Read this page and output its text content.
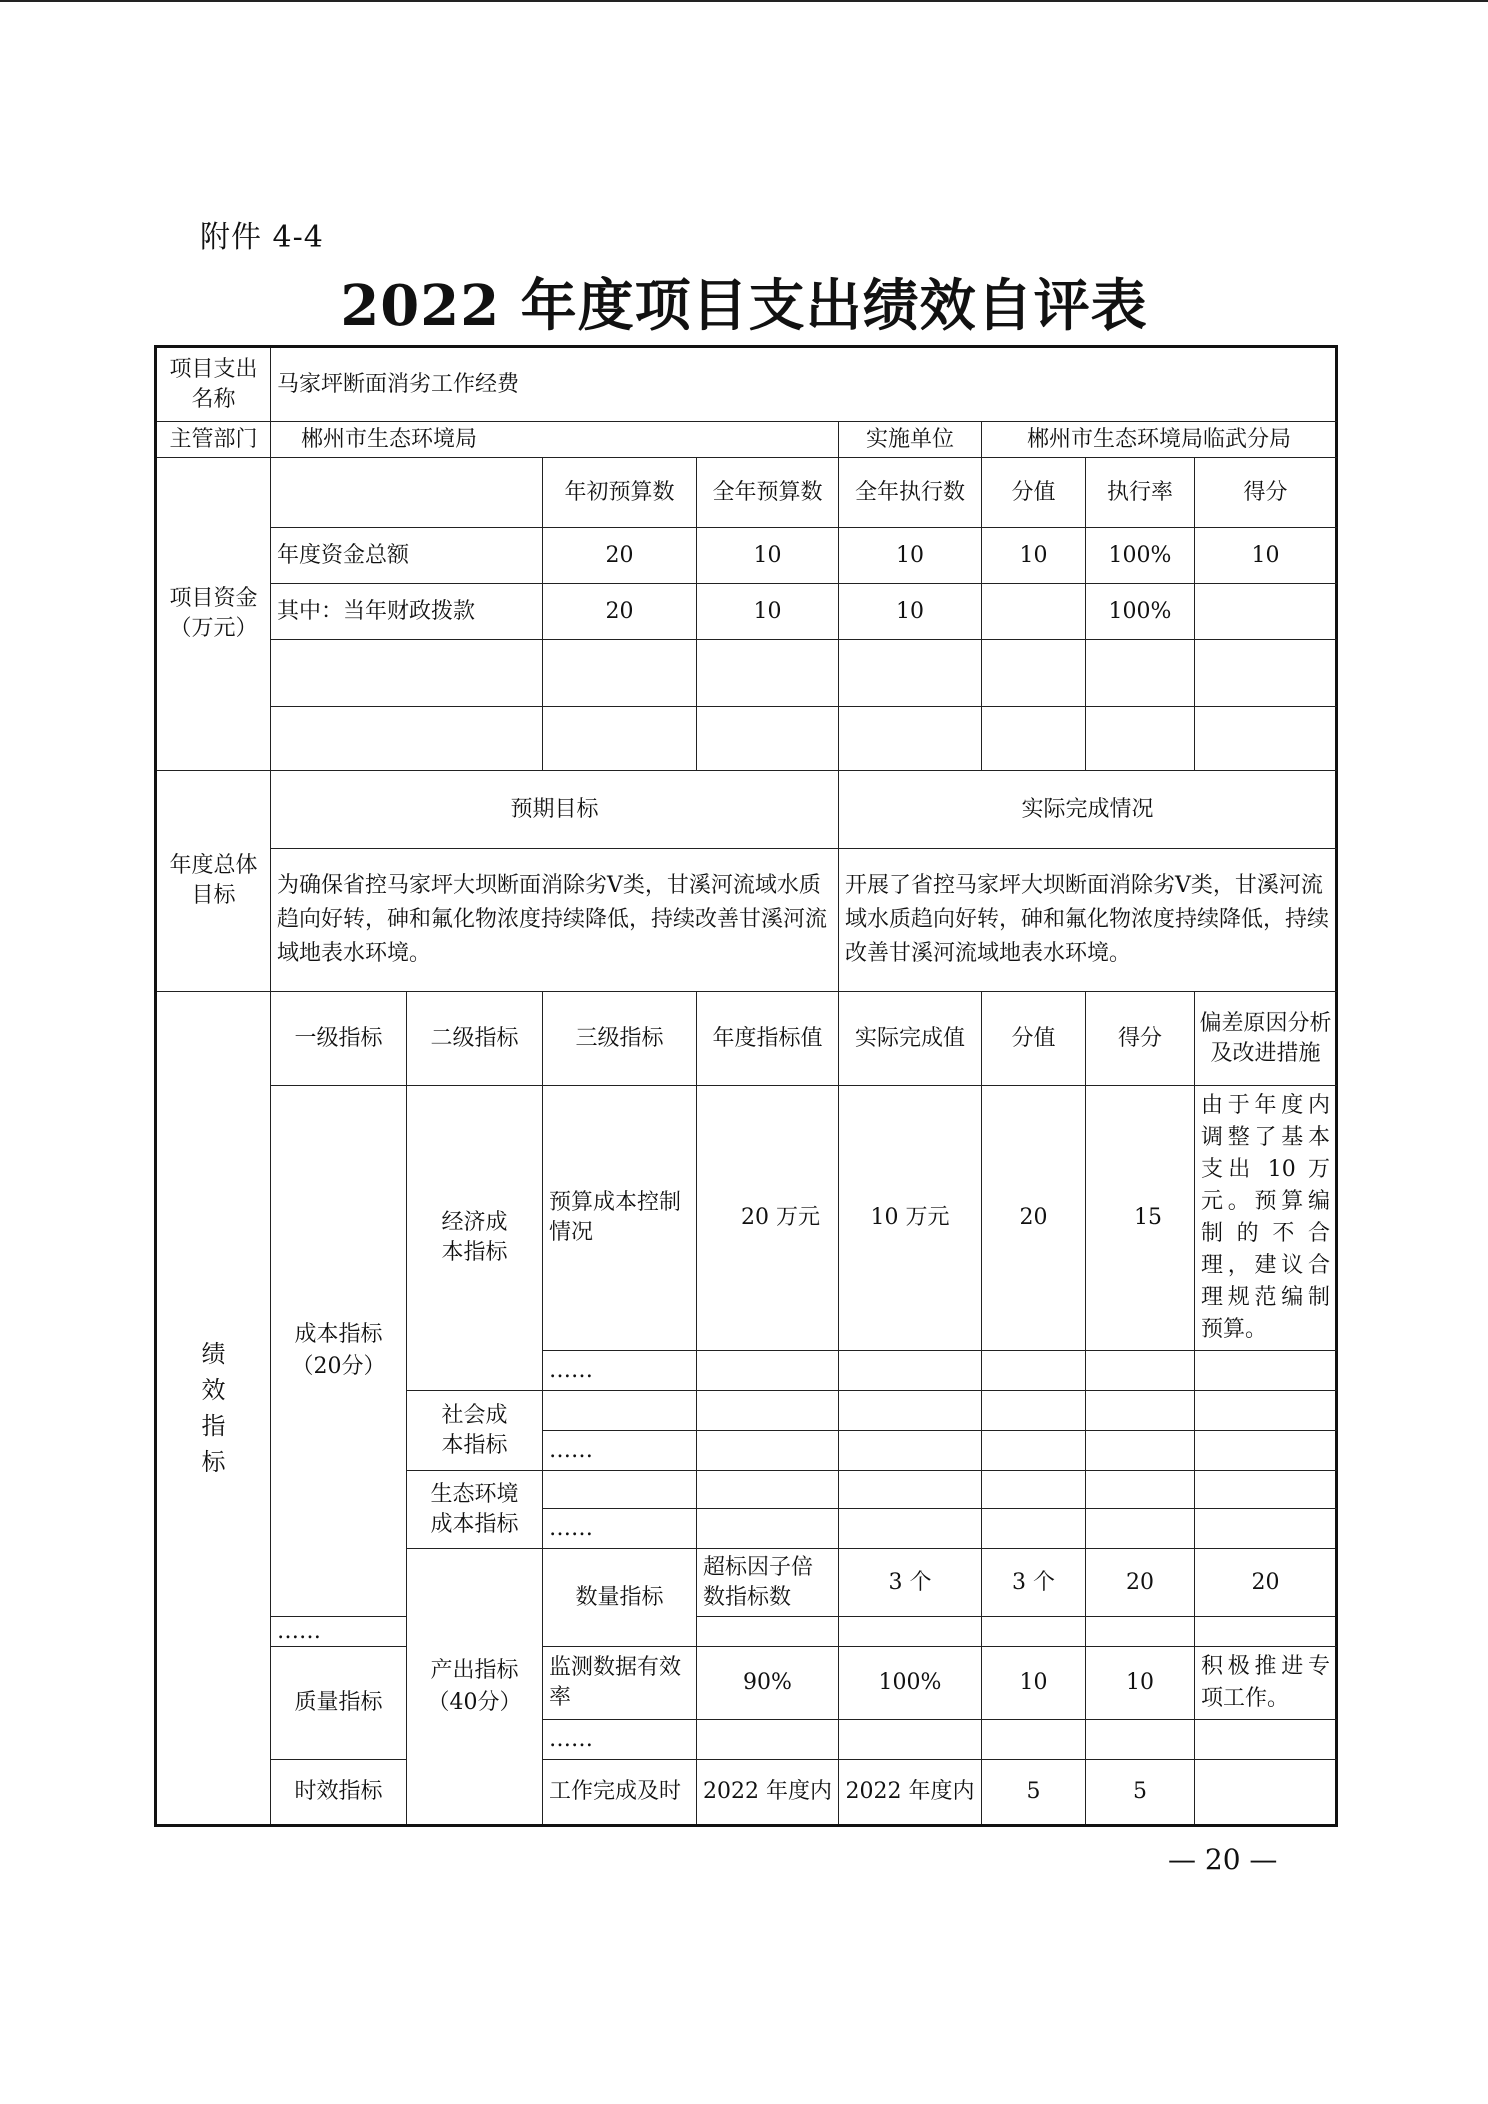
附件 4-4
2022 年度项目支出绩效自评表
项目支出名称	马家坪断面消劣工作经费								
主管部门	郴州市生态环境局				实施单位	郴州市生态环境局临武分局			
项目资金（万元）			年初预算数	全年预算数	全年执行数	分值	执行率	得分	
	年度资金总额		20	10	10	10	100%	10	
	其中：当年财政拨款		20	10	10		100%		

年度总体目标	预期目标				实际完成情况				
	为确保省控马家坪大坝断面消除劣Ⅴ类，甘溪河流域水质趋向好转，砷和氟化物浓度持续降低，持续改善甘溪河流域地表水环境。				开展了省控马家坪大坝断面消除劣Ⅴ类，甘溪河流域水质趋向好转，砷和氟化物浓度持续降低，持续改善甘溪河流域地表水环境。				
绩效指标	一级指标	二级指标	三级指标	年度指标值	实际完成值	分值	得分	偏差原因分析及改进措施	
	成本指标（20分）	经济成本指标	预算成本控制情况	20 万元	10 万元	20	15	由于年度内调整了基本支出 10 万元。预算编制的不合理，建议合理规范编制预算。	
			……						
		社会成本指标							
			……						
		生态环境成本指标							
			……						
		产出指标（40分）	数量指标	超标因子倍数指标数	3 个	3 个	20	20	
	……								
	质量指标		监测数据有效率	90%	100%	10	10	积极推进专项工作。	
			……						
	时效指标		工作完成及时	2022 年度内	2022 年度内	5	5		
— 20 —
